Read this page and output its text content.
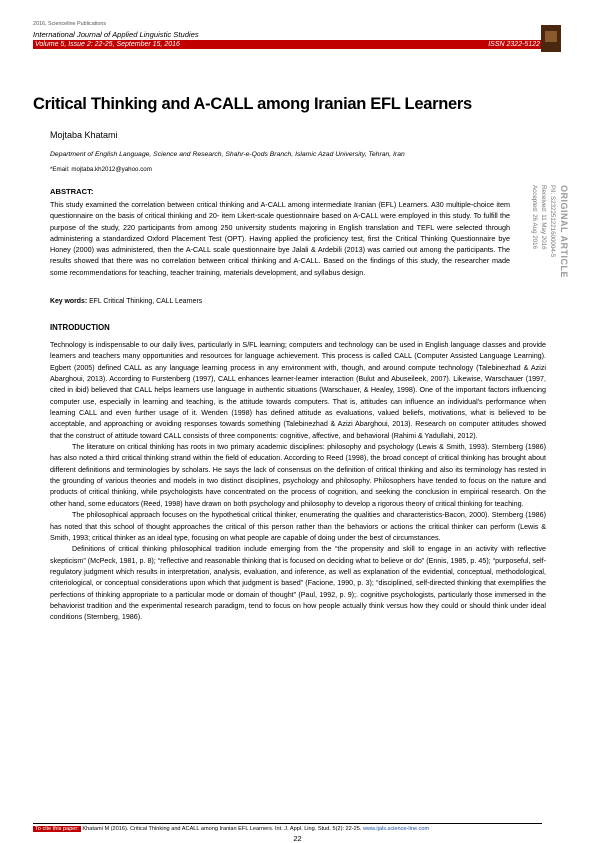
2016, Scienceline Publications
International Journal of Applied Linguistic Studies
Volume 5, Issue 2: 22-25, September 15, 2016	ISSN 2322-5122
Critical Thinking and A-CALL among Iranian EFL Learners
Mojtaba Khatami
Department of English Language, Science and Research, Shahr-e-Qods Branch, Islamic Azad University, Tehran, Iran
*Email: mojtaba.kh2012@yahoo.com
ABSTRACT:
This study examined the correlation between critical thinking and A-CALL among intermediate Iranian (EFL) Learners. A30 multiple-choice item questionnaire on the basis of critical thinking and 20- item Likert-scale questionnaire based on A-CALL were employed in this study. To fulfill the purpose of the study, 220 participants from among 250 university students majoring in English translation and TEFL were selected through administering a standardized Oxford Placement Test (OPT). Having applied the proficiency test, first the Critical Thinking Questionnaire bye Honey (2000) was administered, then the A-CALL scale questionnaire bye Jalali & Ardebili (2013) was carried out among the participants. The results showed that there was no correlation between critical thinking and A-CALL. Based on the findings of this study, the researcher made some recommendations for teaching, teacher training, materials development, and syllabus design.
Key words: EFL Critical Thinking, CALL Learners
ORIGINAL ARTICLE
PII: S232251221600004-5
Received: 11 May 2016
Accepted: 26 Aug 2016
INTRODUCTION

Technology is indispensable to our daily lives, particularly in S/FL learning; computers and technology can be used in English language classes and provide learners and teachers many opportunities and resources for language achievement. This process is called CALL (Computer Assisted Language Learning). Egbert (2005) defined CALL as any language learning process in any environment with, though, and around compute technology (Talebinezhad & Azizi Abarghoui, 2013). According to Furstenberg (1997), CALL enhances learner-learner interaction (Bulut and Abuseileek, 2007). Likewise, Warschauer (1997, cited in ibid) believed that CALL helps learners use language in authentic situations (Warschauer, & Healey, 1998). One of the important factors influencing computer use, especially in learning and teaching, is the attitude towards computers. That is, attitudes can influence an individual's performance when learning CALL and even further usage of it. Wenden (1998) has defined attitude as evaluations, valued beliefs, motivations, what is believed to be acceptable, and approaching or avoiding responses towards something (Talebinezhad & Azizi Abarghoui, 2013). Research on computer attitudes showed that the construct of attitude toward CALL consists of three components: cognitive, affective, and behavioral (Rahimi & Yadullahi, 2012).

The literature on critical thinking has roots in two primary academic disciplines: philosophy and psychology (Lewis & Smith, 1993). Sternberg (1986) has also noted a third critical thinking strand within the field of education. According to Reed (1998), the broad concept of critical thinking has brought about different definitions and terminologies by scholars. He says the lack of consensus on the definition of critical thinking and also its terminology has rested in the grounding of various theories and models in two distinct disciplines, psychology and philosophy. Philosophers have tended to focus on the nature and products of critical thinking, while psychologists have concentrated on the process of cognition, and seeking the conclusion in empirical research. On the other hand, some educators (Reed, 1998) have drawn on both psychology and philosophy to develop a rigorous theory of critical thinking for teaching.

The philosophical approach focuses on the hypothetical critical thinker, enumerating the qualities and characteristics-Bacon, 2000). Sternberg (1986) has noted that this school of thought approaches the critical of this person rather than the behaviors or actions the critical thinker can perform (Lewis & Smith, 1993; critical thinker as an ideal type, focusing on what people are capable of doing under the best of circumstances.

Definitions of critical thinking philosophical tradition include emerging from the “the propensity and skill to engage in an activity with reflective skepticism” (McPeck, 1981, p. 8); “reflective and reasonable thinking that is focused on deciding what to believe or do” (Ennis, 1985, p. 45); “purposeful, self-regulatory judgment which results in interpretation, analysis, evaluation, and inference, as well as explanation of the evidential, conceptual, methodological, criteriological, or conceptual considerations upon which that judgment is based” (Facione, 1990, p. 3); “disciplined, self-directed thinking that exemplifies the perfections of thinking appropriate to a particular mode or domain of thought” (Paul, 1992, p. 9);. cognitive psychologists, particularly those immersed in the behaviorist tradition and the experimental research paradigm, tend to focus on how people actually think versus how they could or should think under ideal conditions (Sternberg, 1986).

To cite this paper: Khatami M (2016). Critical Thinking and ACALL among Iranian EFL Learners. Int. J. Appl. Ling. Stud. 5(2): 22-25. www.ijals.science-line.com
22
